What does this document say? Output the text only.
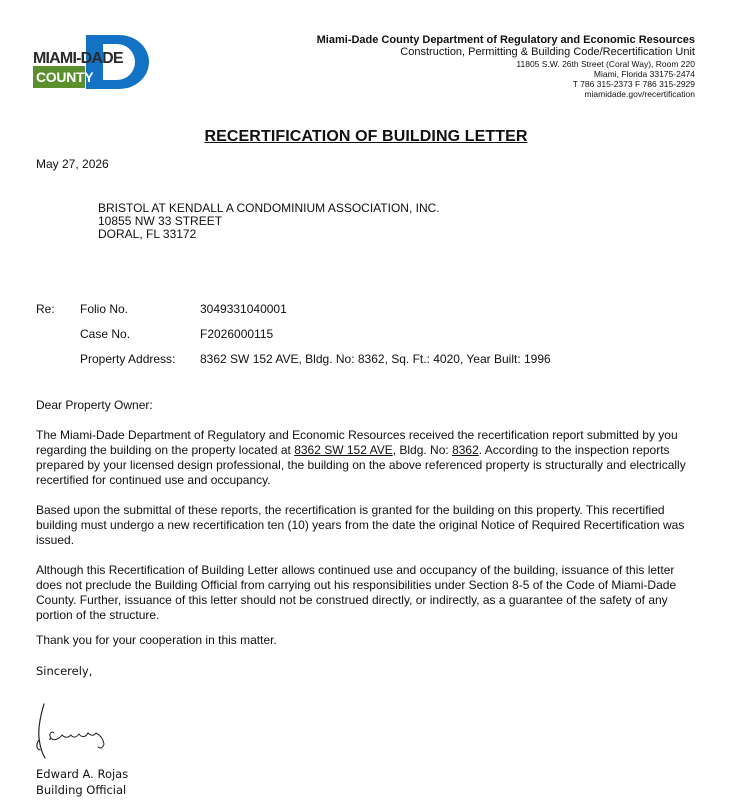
MIAMI-DADE
COUNTY
Miami-Dade County Department of Regulatory and Economic Resources
Construction, Permitting & Building Code/Recertification Unit
11805 S.W. 26th Street (Coral Way), Room 220
Miami, Florida 33175-2474
T 786 315-2373 F 786 315-2929
miamidade.gov/recertification
RECERTIFICATION OF BUILDING LETTER
May 27, 2026
BRISTOL AT KENDALL A CONDOMINIUM ASSOCIATION, INC.
10855 NW 33 STREET
DORAL, FL 33172
Re: Folio No.	3049331040001
Case No.	F2026000115
Property Address: 8362 SW 152 AVE, Bldg. No: 8362, Sq. Ft.: 4020, Year Built: 1996
Dear Property Owner:
The Miami-Dade Department of Regulatory and Economic Resources received the recertification report submitted by you regarding the building on the property located at 8362 SW 152 AVE, Bldg. No: 8362. According to the inspection reports prepared by your licensed design professional, the building on the above referenced property is structurally and electrically recertified for continued use and occupancy.
Based upon the submittal of these reports, the recertification is granted for the building on this property. This recertified building must undergo a new recertification ten (10) years from the date the original Notice of Required Recertification was issued.
Although this Recertification of Building Letter allows continued use and occupancy of the building, issuance of this letter does not preclude the Building Official from carrying out his responsibilities under Section 8-5 of the Code of Miami-Dade County. Further, issuance of this letter should not be construed directly, or indirectly, as a guarantee of the safety of any portion of the structure.
Thank you for your cooperation in this matter.
Sincerely,
Edward A. Rojas
Building Official
